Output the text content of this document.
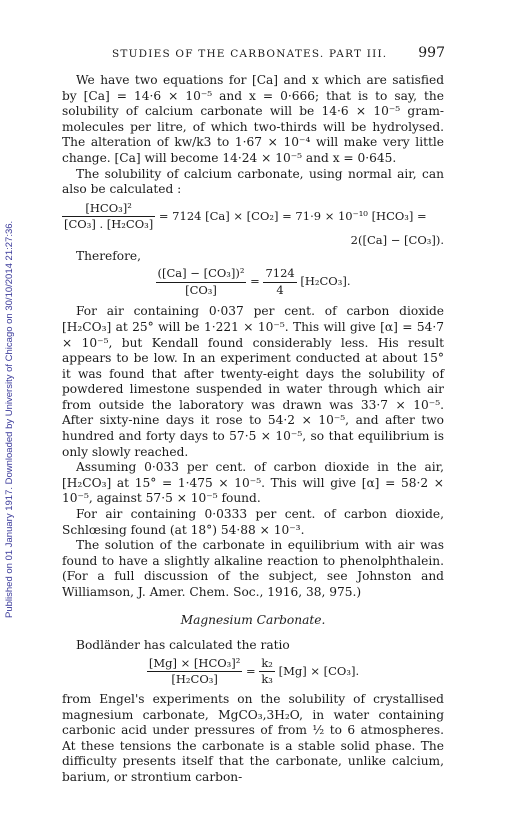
Published on 01 January 1917. Downloaded by University of Chicago on 30/10/2014 21:27:36.
STUDIES OF THE CARBONATES. PART III. 997

We have two equations for [Ca] and x which are satisfied by [Ca] = 14·6 × 10⁻⁵ and x = 0·666; that is to say, the solubility of calcium carbonate will be 14·6 × 10⁻⁵ gram-molecules per litre, of which two-thirds will be hydrolysed. The alteration of kw/k3 to 1·67 × 10⁻⁴ will make very little change. [Ca] will become 14·24 × 10⁻⁵ and x = 0·645.

The solubility of calcium carbonate, using normal air, can also be calculated :

$\frac{\text{[HCO₃]²}}{\text{[CO₃] . [H₂CO₃]}} = 7124$ [Ca] × [CO₂] = 71·9 × 10⁻¹⁰ [HCO₃] =
2([Ca] − [CO₃]).

Therefore,

$\frac{\text{([Ca] − [CO₃])²}}{\text{[CO₃]}} = \frac{7124}{4} [H_2CO_3]$.

For air containing 0·037 per cent. of carbon dioxide [H₂CO₃] at 25° will be 1·221 × 10⁻⁵. This will give [α] = 54·7 × 10⁻⁵, but Kendall found considerably less. His result appears to be low. In an experiment conducted at about 15° it was found that after twenty-eight days the solubility of powdered limestone suspended in water through which air from outside the laboratory was drawn was 33·7 × 10⁻⁵. After sixty-nine days it rose to 54·2 × 10⁻⁵, and after two hundred and forty days to 57·5 × 10⁻⁵, so that equilibrium is only slowly reached.

Assuming 0·033 per cent. of carbon dioxide in the air, [H₂CO₃] at 15° = 1·475 × 10⁻⁵. This will give [α] = 58·2 × 10⁻⁵, against 57·5 × 10⁻⁵ found.

For air containing 0·0333 per cent. of carbon dioxide, Schlœsing found (at 18°) 54·88 × 10⁻³.

The solution of the carbonate in equilibrium with air was found to have a slightly alkaline reaction to phenolphthalein. (For a full discussion of the subject, see Johnston and Williamson, J. Amer. Chem. Soc., 1916, 38, 975.)

Magnesium Carbonate.

Bodländer has calculated the ratio

$\frac{\text{[Mg] × [HCO₃]²}}{\text{[H₂CO₃]}} = \frac{\text{k₂}}{\text{k₃}} [Mg] \times [CO_3]$.

from Engel's experiments on the solubility of crystallised magnesium carbonate, MgCO₃,3H₂O, in water containing carbonic acid under pressures of from ½ to 6 atmospheres. At these tensions the carbonate is a stable solid phase. The difficulty presents itself that the carbonate, unlike calcium, barium, or strontium carbon-
